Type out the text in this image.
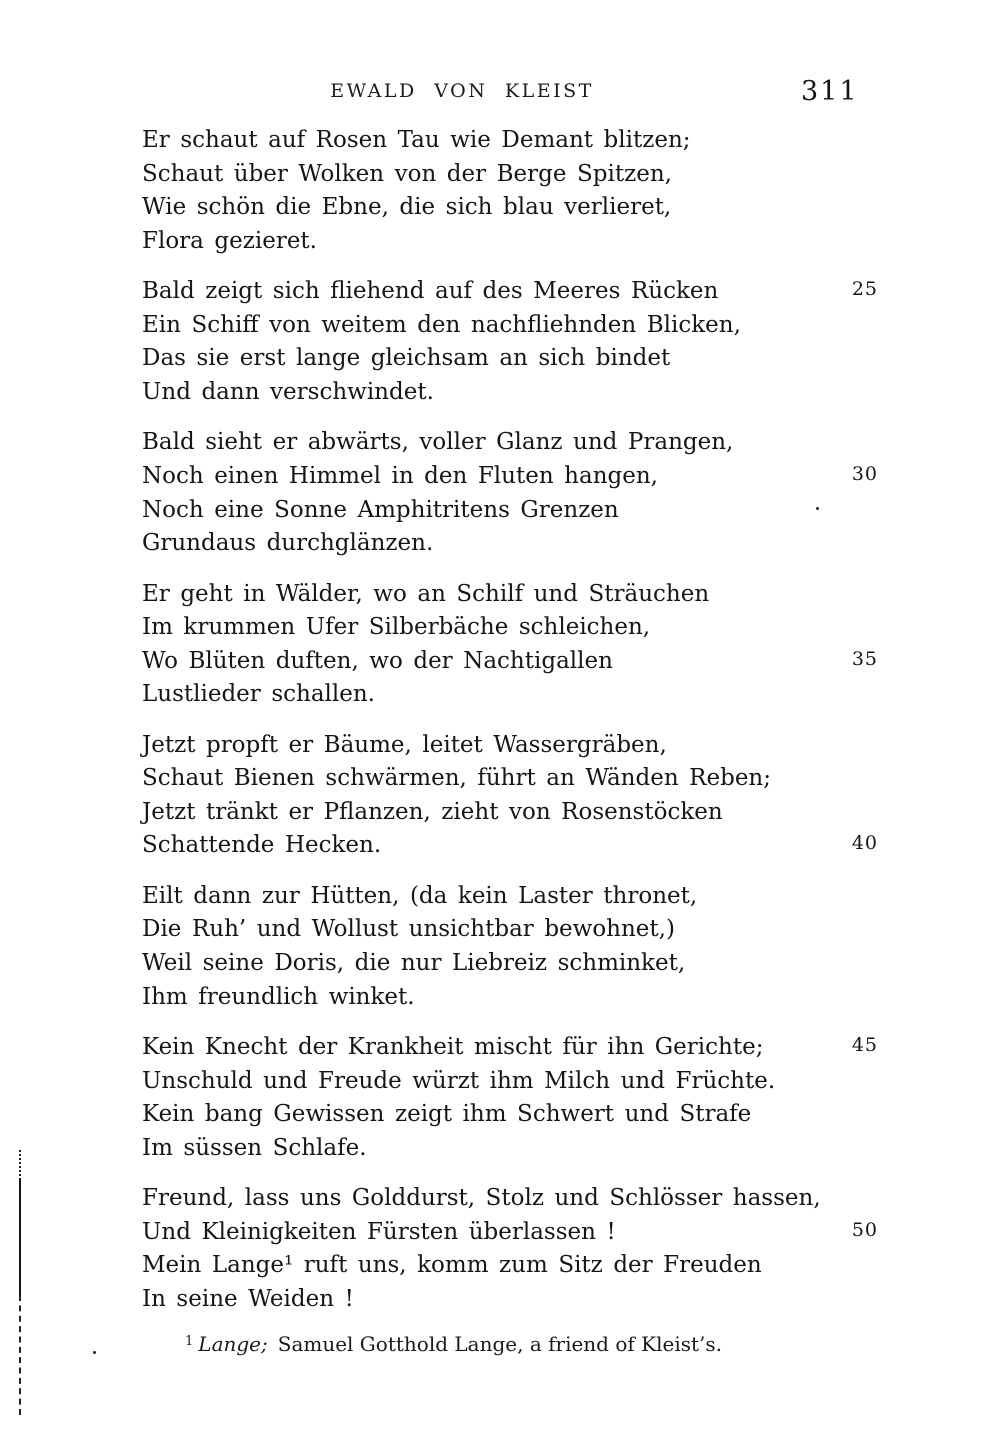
EWALD VON KLEIST	311
Er schaut auf Rosen Tau wie Demant blitzen;
Schaut über Wolken von der Berge Spitzen,
Wie schön die Ebne, die sich blau verlieret,
Flora gezieret.
Bald zeigt sich fliehend auf des Meeres Rücken	25
Ein Schiff von weitem den nachfliehnden Blicken,
Das sie erst lange gleichsam an sich bindet
Und dann verschwindet.
Bald sieht er abwärts, voller Glanz und Prangen,
Noch einen Himmel in den Fluten hangen,	30
Noch eine Sonne Amphitritens Grenzen
Grundaus durchglänzen.
Er geht in Wälder, wo an Schilf und Sträuchen
Im krummen Ufer Silberbäche schleichen,
Wo Blüten duften, wo der Nachtigallen	35
Lustlieder schallen.
Jetzt propft er Bäume, leitet Wassergräben,
Schaut Bienen schwärmen, führt an Wänden Reben;
Jetzt tränkt er Pflanzen, zieht von Rosenstöcken
Schattende Hecken.	40
Eilt dann zur Hütten, (da kein Laster thronet,
Die Ruh’ und Wollust unsichtbar bewohnet,)
Weil seine Doris, die nur Liebreiz schminket,
Ihm freundlich winket.
Kein Knecht der Krankheit mischt für ihn Gerichte;	45
Unschuld und Freude würzt ihm Milch und Früchte.
Kein bang Gewissen zeigt ihm Schwert und Strafe
Im süssen Schlafe.
Freund, lass uns Golddurst, Stolz und Schlösser hassen,
Und Kleinigkeiten Fürsten überlassen !	50
Mein Lange¹ ruft uns, komm zum Sitz der Freuden
In seine Weiden !
$^1$ Lange; Samuel Gotthold Lange, a friend of Kleist’s.
